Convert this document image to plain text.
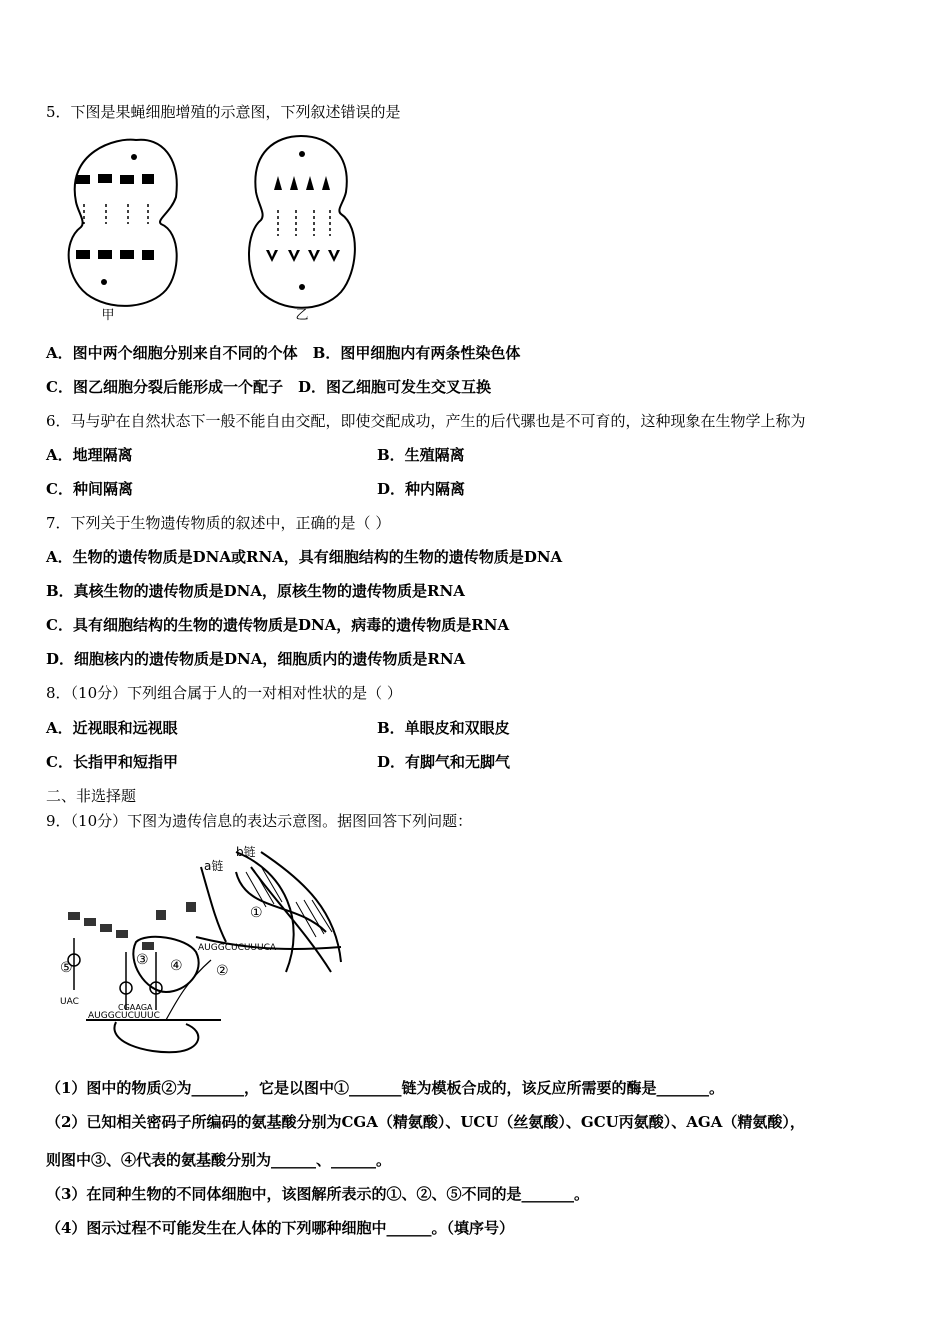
5．下图是果蝇细胞增殖的示意图，下列叙述错误的是
甲	乙
A．图中两个细胞分别来自不同的个体　B．图甲细胞内有两条性染色体
C．图乙细胞分裂后能形成一个配子　D．图乙细胞可发生交叉互换
6．马与驴在自然状态下一般不能自由交配，即使交配成功，产生的后代骡也是不可育的，这种现象在生物学上称为
A．地理隔离	B．生殖隔离
C．种间隔离	D．种内隔离
7．下列关于生物遗传物质的叙述中，正确的是（ ）
A．生物的遗传物质是DNA或RNA，具有细胞结构的生物的遗传物质是DNA
B．真核生物的遗传物质是DNA，原核生物的遗传物质是RNA
C．具有细胞结构的生物的遗传物质是DNA，病毒的遗传物质是RNA
D．细胞核内的遗传物质是DNA，细胞质内的遗传物质是RNA
8．（10分）下列组合属于人的一对相对性状的是（ ）
A．近视眼和远视眼	B．单眼皮和双眼皮
C．长指甲和短指甲	D．有脚气和无脚气
二、非选择题
9．（10分）下图为遗传信息的表达示意图。据图回答下列问题：
b链
a链
①
AUGGCUCUUUCA
②
AUGGCUCUUUC
⑤
UAC
③ ④
CGAAGA
（1）图中的物质②为_______，它是以图中①_______链为模板合成的，该反应所需要的酶是_______。
（2）已知相关密码子所编码的氨基酸分别为CGA（精氨酸）、UCU（丝氨酸）、GCU丙氨酸）、AGA（精氨酸），
则图中③、④代表的氨基酸分别为______、______。
（3）在同种生物的不同体细胞中，该图解所表示的①、②、⑤不同的是_______。
（4）图示过程不可能发生在人体的下列哪种细胞中______。（填序号）
